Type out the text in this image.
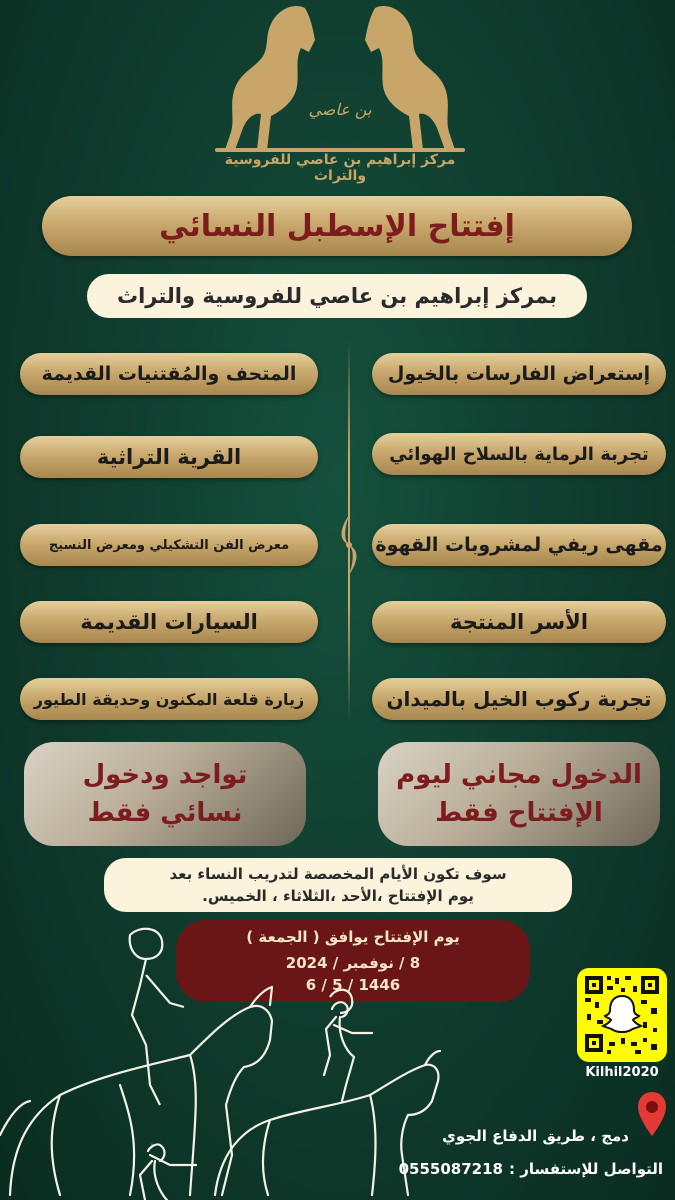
بن عاصي
مركز إبراهيم بن عاصي للفروسية والتراث
إفتتاح الإسطبل النسائي
بمركز إبراهيم بن عاصي للفروسية والتراث
إستعراض الفارسات بالخيول
تجربة الرماية بالسلاح الهوائي
مقهى ريفي لمشروبات القهوة
الأسر المنتجة
تجربة ركوب الخيل بالميدان
المتحف والمُقتنيات القديمة
القرية التراثية
معرض الفن التشكيلي ومعرض النسيج
السيارات القديمة
زيارة قلعة المكنون وحديقة الطيور
الدخول مجاني ليوم
الإفتتاح فقط
تواجد ودخول
نسائي فقط
سوف تكون الأيام المخصصة لتدريب النساء بعد
يوم الإفتتاح ،الأحد ،الثلاثاء ، الخميس.
يوم الإفتتاح يوافق ( الجمعة )
8 / نوفمبر / 2024
1446 / 5 / 6
Kilhil2020
دمج ، طريق الدفاع الجوي
التواصل للإستفسار :
0555087218
